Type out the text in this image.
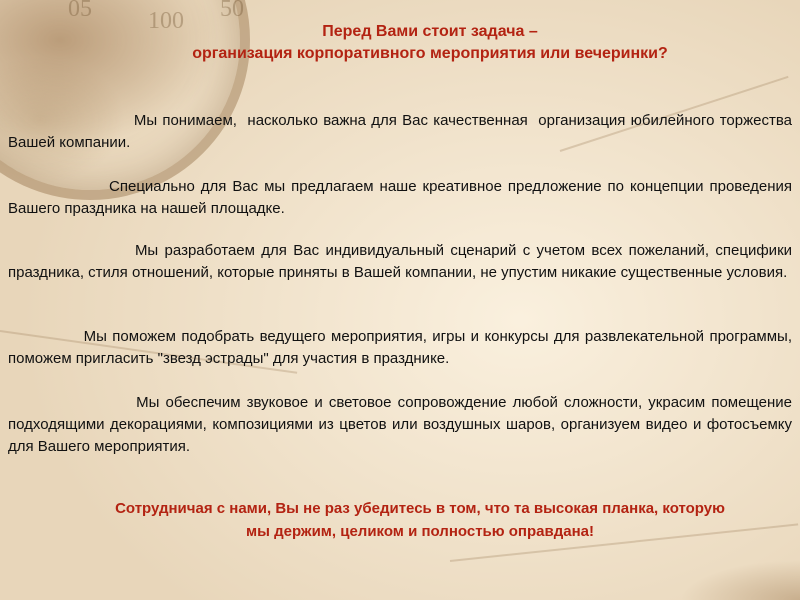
05 100 50
Перед Вами стоит задача –
организация корпоративного мероприятия или вечеринки?
Мы понимаем,  насколько важна для Вас качественная  организация юбилейного торжества  Вашей компании.
Специально для Вас мы предлагаем наше креативное предложение по концепции проведения Вашего праздника на нашей площадке.
Мы разработаем для Вас индивидуальный сценарий с учетом всех пожеланий, специфики праздника, стиля отношений, которые приняты в Вашей компании, не упустим никакие существенные условия.
Мы поможем подобрать ведущего мероприятия, игры и конкурсы для развлекательной программы, поможем пригласить "звезд эстрады" для участия в празднике.
Мы обеспечим звуковое и световое сопровождение любой сложности, украсим помещение подходящими декорациями, композициями из цветов или воздушных шаров, организуем видео и фотосъемку для Вашего мероприятия.
Сотрудничая с нами, Вы не раз убедитесь в том, что та высокая планка, которую
мы держим, целиком и полностью оправдана!
